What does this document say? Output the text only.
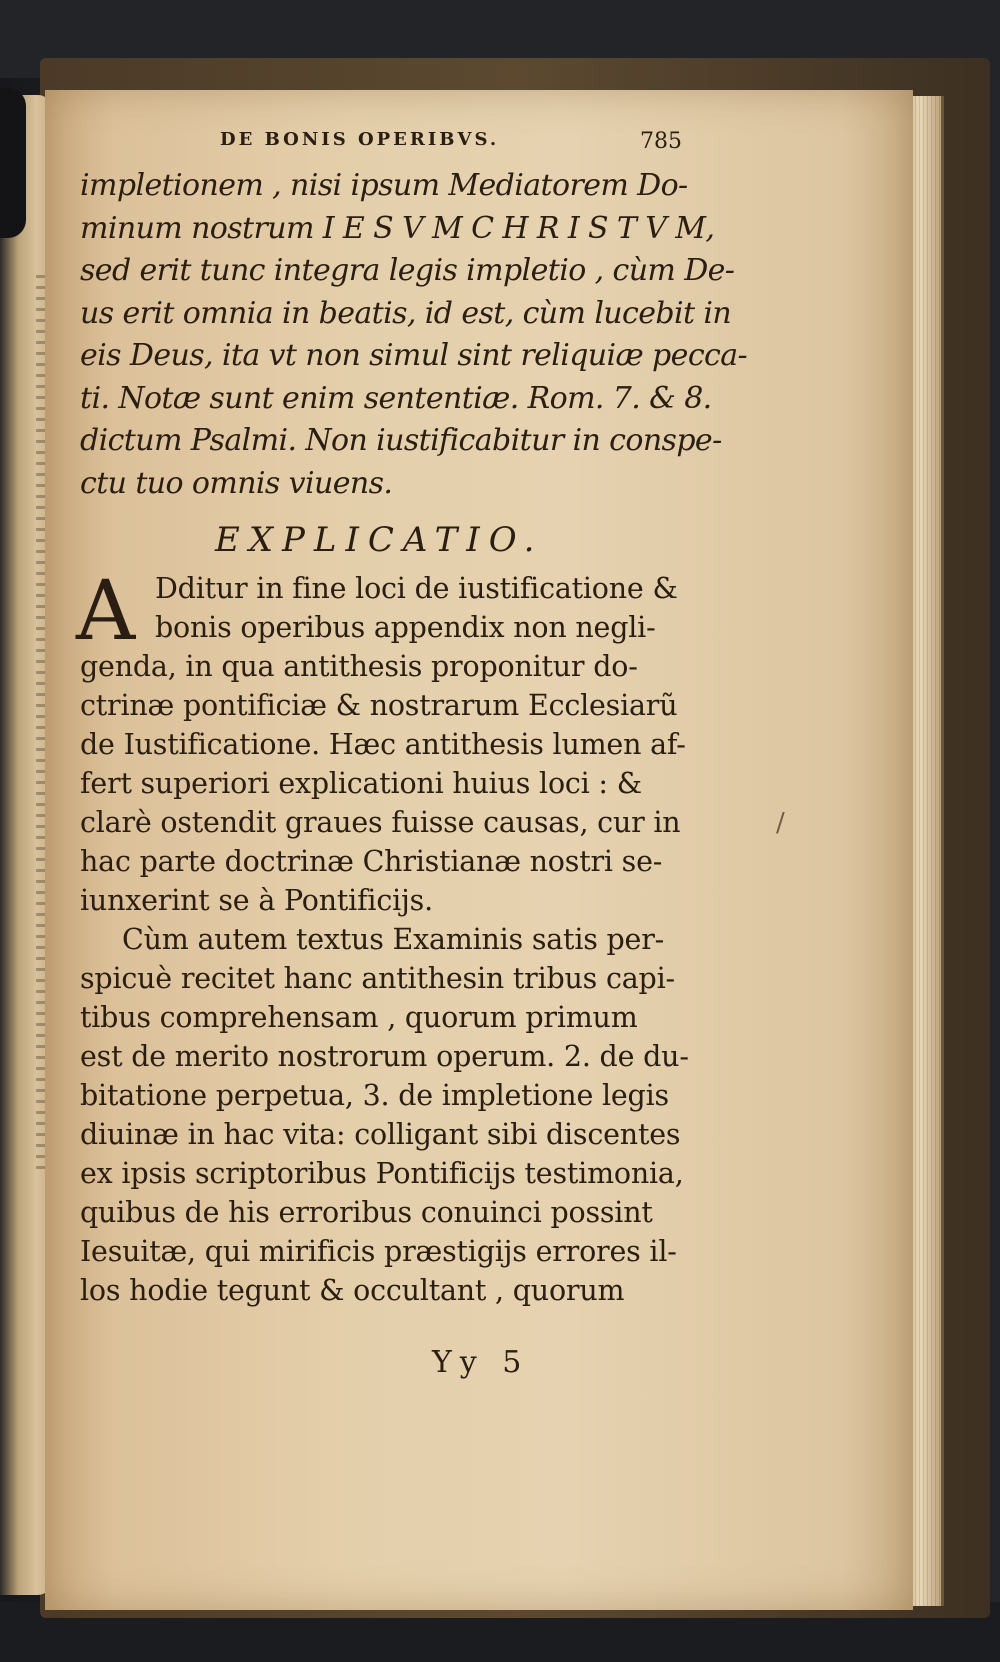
DE BONIS OPERIBVS.	785
impletionem , nisi ipsum Mediatorem Do-
minum nostrum I E S V M C H R I S T V M,
sed erit tunc integra legis impletio , cùm De-
us erit omnia in beatis, id est, cùm lucebit in
eis Deus, ita vt non simul sint reliquiæ pecca-
ti. Notæ sunt enim sententiæ. Rom. 7. & 8.
dictum Psalmi. Non iustificabitur in conspe-
ctu tuo omnis viuens.
EXPLICATIO.
A Dditur in fine loci de iustificatione &
bonis operibus appendix non negli-
genda, in qua antithesis proponitur do-
ctrinæ pontificiæ & nostrarum Ecclesiarũ
de Iustificatione. Hæc antithesis lumen af-
fert superiori explicationi huius loci : &
clarè ostendit graues fuisse causas, cur in
hac parte doctrinæ Christianæ nostri se-
iunxerint se à Pontificijs.
Cùm autem textus Examinis satis per-
spicuè recitet hanc antithesin tribus capi-
tibus comprehensam , quorum primum
est de merito nostrorum operum. 2. de du-
bitatione perpetua, 3. de impletione legis
diuinæ in hac vita: colligant sibi discentes
ex ipsis scriptoribus Pontificijs testimonia,
quibus de his erroribus conuinci possint
Iesuitæ, qui mirificis præstigijs errores il-
los hodie tegunt & occultant , quorum
Yy 5
/
